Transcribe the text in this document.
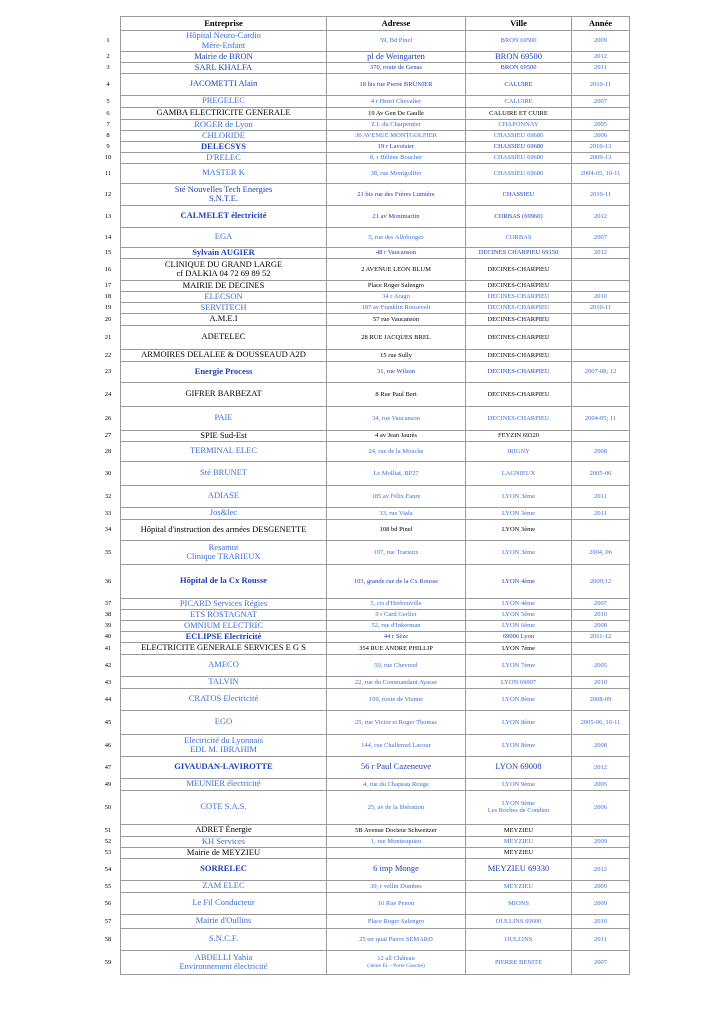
	Entreprise	Adresse	Ville	Année
1	Hôpital Neuro-Cardio
Mère-Enfant	59, Bd Pinel	BRON 69500	2009
2	Mairie de BRON	pl de Weingarten	BRON 69500	2012
3	SARL KHALFA	370, route de Genas	BRON 69500	2011
4	JACOMETTI Alain	18 bis rue Pierre BRUNIER	CALUIRE	2010-11
5	PREGELEC	4 r Henri Chevalier	CALUIRE	2007
6	GAMBA ELECTRICITE GENERALE	19 Av Gen De Gaulle	CALUIRE ET CUIRE	

7	ROGER de Lyon	Z.I. du Charpentier	CHAPONNAY	2005
8	CHLORIDE	30 AVENUE MONTGOLFIER	CHASSIEU 69680	2006
9	DELECSYS	19 r Lavoisier	CHASSIEU 69680	2010-13
10	D'RELEC	8, r Hélène Boucher	CHASSIEU 69680	2009-13
11	MASTER K	38, rue Montgolfier	CHASSIEU 69680	2004-05, 10-11
12	Sté Nouvelles Tech Energies
S.N.T.E.	21 bis rue des Frères Lumière	CHASSIEU	2010-11
13	CALMELET électricité	21 av Montmartin	CORBAS (69960)	2012
14	EGA	5, rue des Allobroges	CORBAS	2007
15	Sylvain AUGIER	48 r Vaucanson	DECINES CHARPIEU 69150	2012
16	CLINIQUE DU GRAND LARGE
cf DALKIA 04 72 69 89 52	2 AVENUE LEON BLUM	DECINES-CHARPIEU	

17	MAIRIE DE DECINES	Place Roger Salengro	DECINES-CHARPIEU	

18	ELECSON	34 r Arago	DECINES-CHARPIEU	2010
19	SERVITECH	187 av Franklin Roosevelt	DECINES-CHARPIEU	2010-11
20	A.M.E.I	57 rue Vaucanson	DECINES-CHARPIEU	

21	ADETELEC	28 RUE JACQUES BREL	DECINES-CHARPIEU	

22	ARMOIRES DELALEE & DOUSSEAUD A2D	15 rue Sully	DECINES-CHARPIEU	

23	Energie Process	31, rue Wilson	DECINES-CHARPIEU	2007-08; 12
24	GIFRER BARBEZAT	8 Rue Paul Bert	DECINES-CHARPIEU	

26	PAIE	34, rue Vaucanson	DECINES-CHARPIEU	2004-05; 11
27	SPIE Sud-Est	4 av Jean Jaurès	FEYZIN 69320	

28	TERMINAL ELEC	24, rue de la Mouche	IRIGNY	2008
30	Sté BRUNET	Le Molliat, BP27	LAGNIEUX	2005-06
32	ADIASE	185 av Félix Faure	LYON 3ème	2011
33	Jos&lec	33, rue Viala	LYON 3ème	2011
34	Hôpital d'instruction des armées DESGENETTE	108 bd Pinel	LYON 3ème	

35	Resamut
Clinique TRARIEUX	107, rue Trarieux	LYON 3ème	2004, 06
36	Hôpital de la Cx Rousse	103, grande rue de la Cx Rousse	LYON 4ème	2009;12
37	PICARD Services Régies	5, crs d'Herbouville	LYON 4ème	2007
38	ETS ROSTAGNAT	9 r Card Gerlier	LYON 5ème	2010
39	OMNIUM ELECTRIC	52, rue d'Inkerman	LYON 6ème	2008
40	ECLIPSE Electricité	44 r Sèze	69006 Lyon	2011-12
41	ELECTRICITE GENERALE SERVICES E G S	354 RUE ANDRE PHILLIP	LYON 7ème	

42	AMECO	50, rue Chevreul	LYON 7ème	2005
43	TALVIN	22, rue du Commandant Ayasse	LYON 69007	2010
44	CRATOS Electricité	109, route de Vienne	LYON 8ème	2008-09
45	EGO	25, rue Victor et Roger Thomas	LYON 8ème	2005-06, 10-11
46	Electricité du Lyonnais
EDL M. IBRAHIM	144, rue Challemel Lacour	LYON 8ème	2008
47	GIVAUDAN-LAVIROTTE	56 r Paul Cazeneuve	LYON 69008	2012
49	MEUNIER électricité	4, rue du Chapeau Rouge	LYON 9ème	2005
50	COTE S.A.S.	25, av de la libération	LYON 9ème
Les Roches de Condieu	2006
51	ADRET Énergie	5B Avenue Docteur Schweitzer	MEYZIEU	

52	KH Services	1, rue Montesquieu	MEYZIEU	2009
53	Mairie de MEYZIEU		MEYZIEU	

54	SORRELEC	6 imp Monge	MEYZIEU 69330	2012
55	ZAM ELEC	39, r vellin Dombes	MEYZIEU	2009
56	Le Fil Conducteur	16 Rue Penon	MIONS	2009
57	Mairie d'Oullins	Place Roger Salengro	OULLINS 69600	2010
58	S.N.C.F.	25 ter quai Pierre SEMARD	OULLINS	2011
59	ABDELLI Yahia
Environnement électricité	12 all Château
(3ème Et. - Porte Gauche)	PIERRE BENITE	2007
